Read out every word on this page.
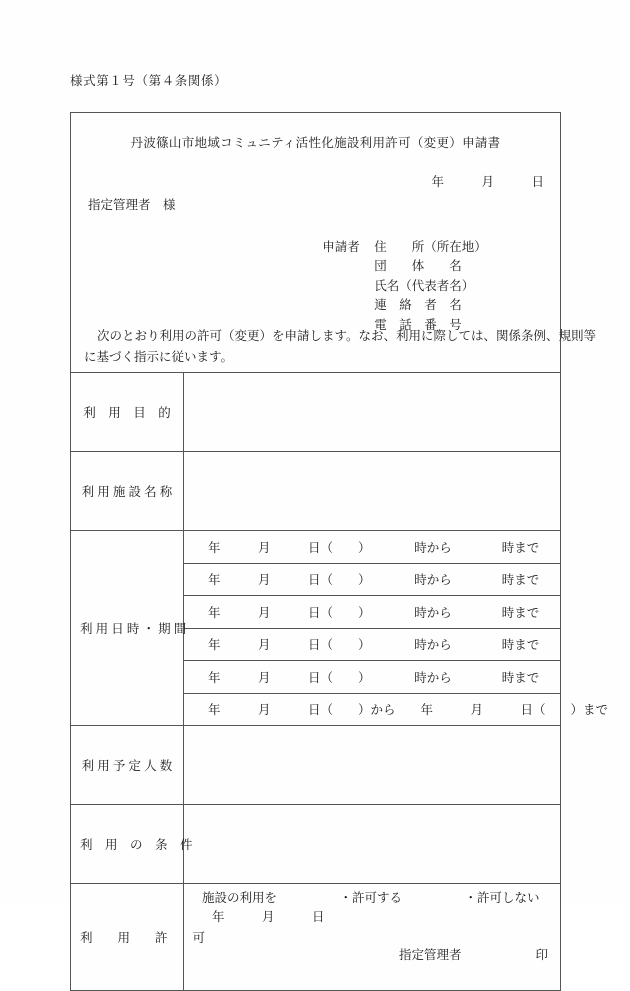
様式第１号（第４条関係）
丹波篠山市地域コミュニティ活性化施設利用許可（変更）申請書
年　　　月　　　日
指定管理者　様

申請者 住　　所（所在地）

団　　体　　名

氏名（代表者名）

連　絡　者　名

電　話　番　号

次のとおり利用の許可（変更）を申請します。なお、利用に際しては、関係条例、規則等
に基づく指示に従います。

利　用　目　的	

利 用 施 設 名 称	

利 用 日 時 ・ 期 間	年　　　月　　　日（　　）　　　　時から　　　　時まで
	年　　　月　　　日（　　）　　　　時から　　　　時まで
	年　　　月　　　日（　　）　　　　時から　　　　時まで
	年　　　月　　　日（　　）　　　　時から　　　　時まで
	年　　　月　　　日（　　）　　　　時から　　　　時まで
	年　　　月　　　日（　　）から　　年　　　月　　　日（　　）まで

利 用 予 定 人 数	

利　用　の　条　件	

利　　用　　許　　可	施設の利用を　　　　　・許可する　　　　　・許可しない
年　　　月　　　日

指定管理者 印
